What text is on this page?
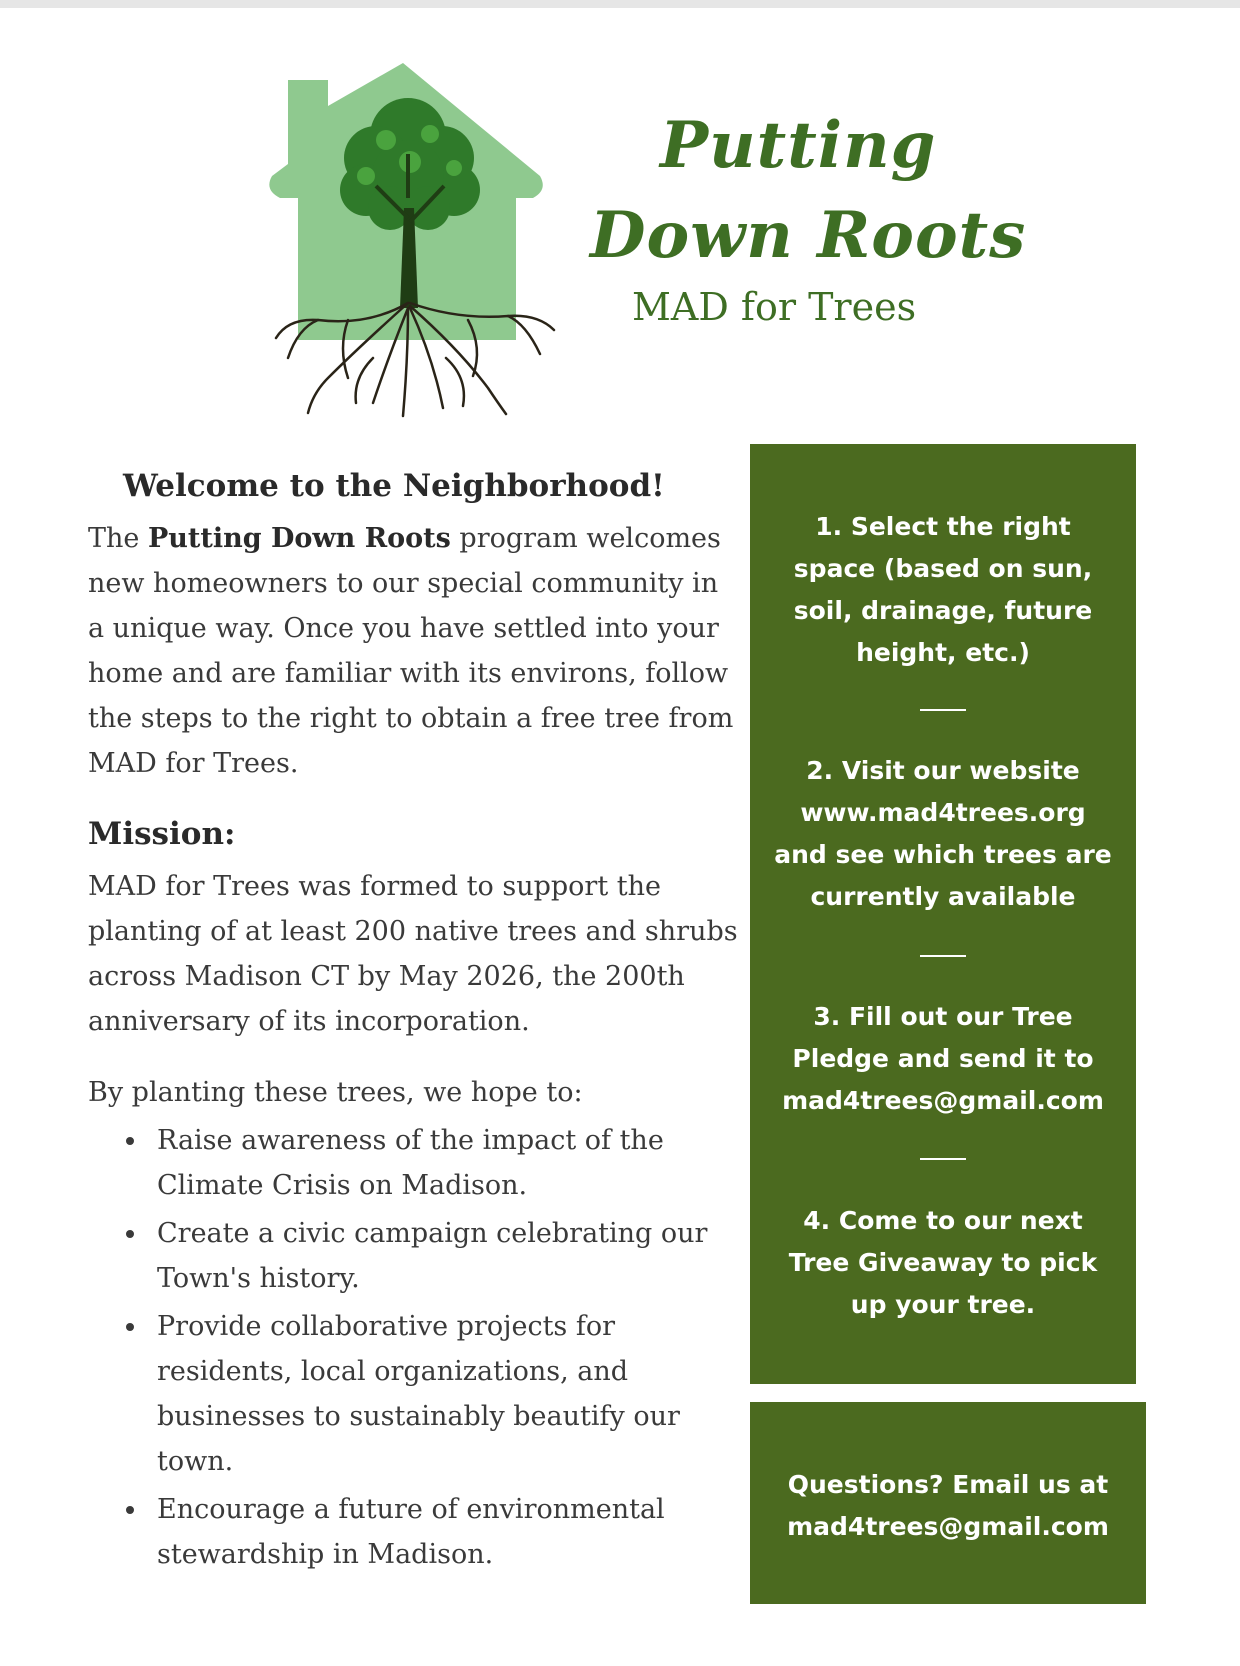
Putting
Down Roots
MAD for Trees
Welcome to the Neighborhood!
The Putting Down Roots program welcomes new homeowners to our special community in a unique way. Once you have settled into your home and are familiar with its environs, follow the steps to the right to obtain a free tree from MAD for Trees.
Mission:
MAD for Trees was formed to support the planting of at least 200 native trees and shrubs across Madison CT by May 2026, the 200th anniversary of its incorporation.
By planting these trees, we hope to:
Raise awareness of the impact of the Climate Crisis on Madison.
Create a civic campaign celebrating our Town's history.
Provide collaborative projects for residents, local organizations, and businesses to sustainably beautify our town.
Encourage a future of environmental stewardship in Madison.
1. Select the right space (based on sun, soil, drainage, future height, etc.)
2. Visit our website www.mad4trees.org and see which trees are currently available
3. Fill out our Tree Pledge and send it to mad4trees@gmail.com
4. Come to our next Tree Giveaway to pick up your tree.
Questions? Email us at mad4trees@gmail.com
